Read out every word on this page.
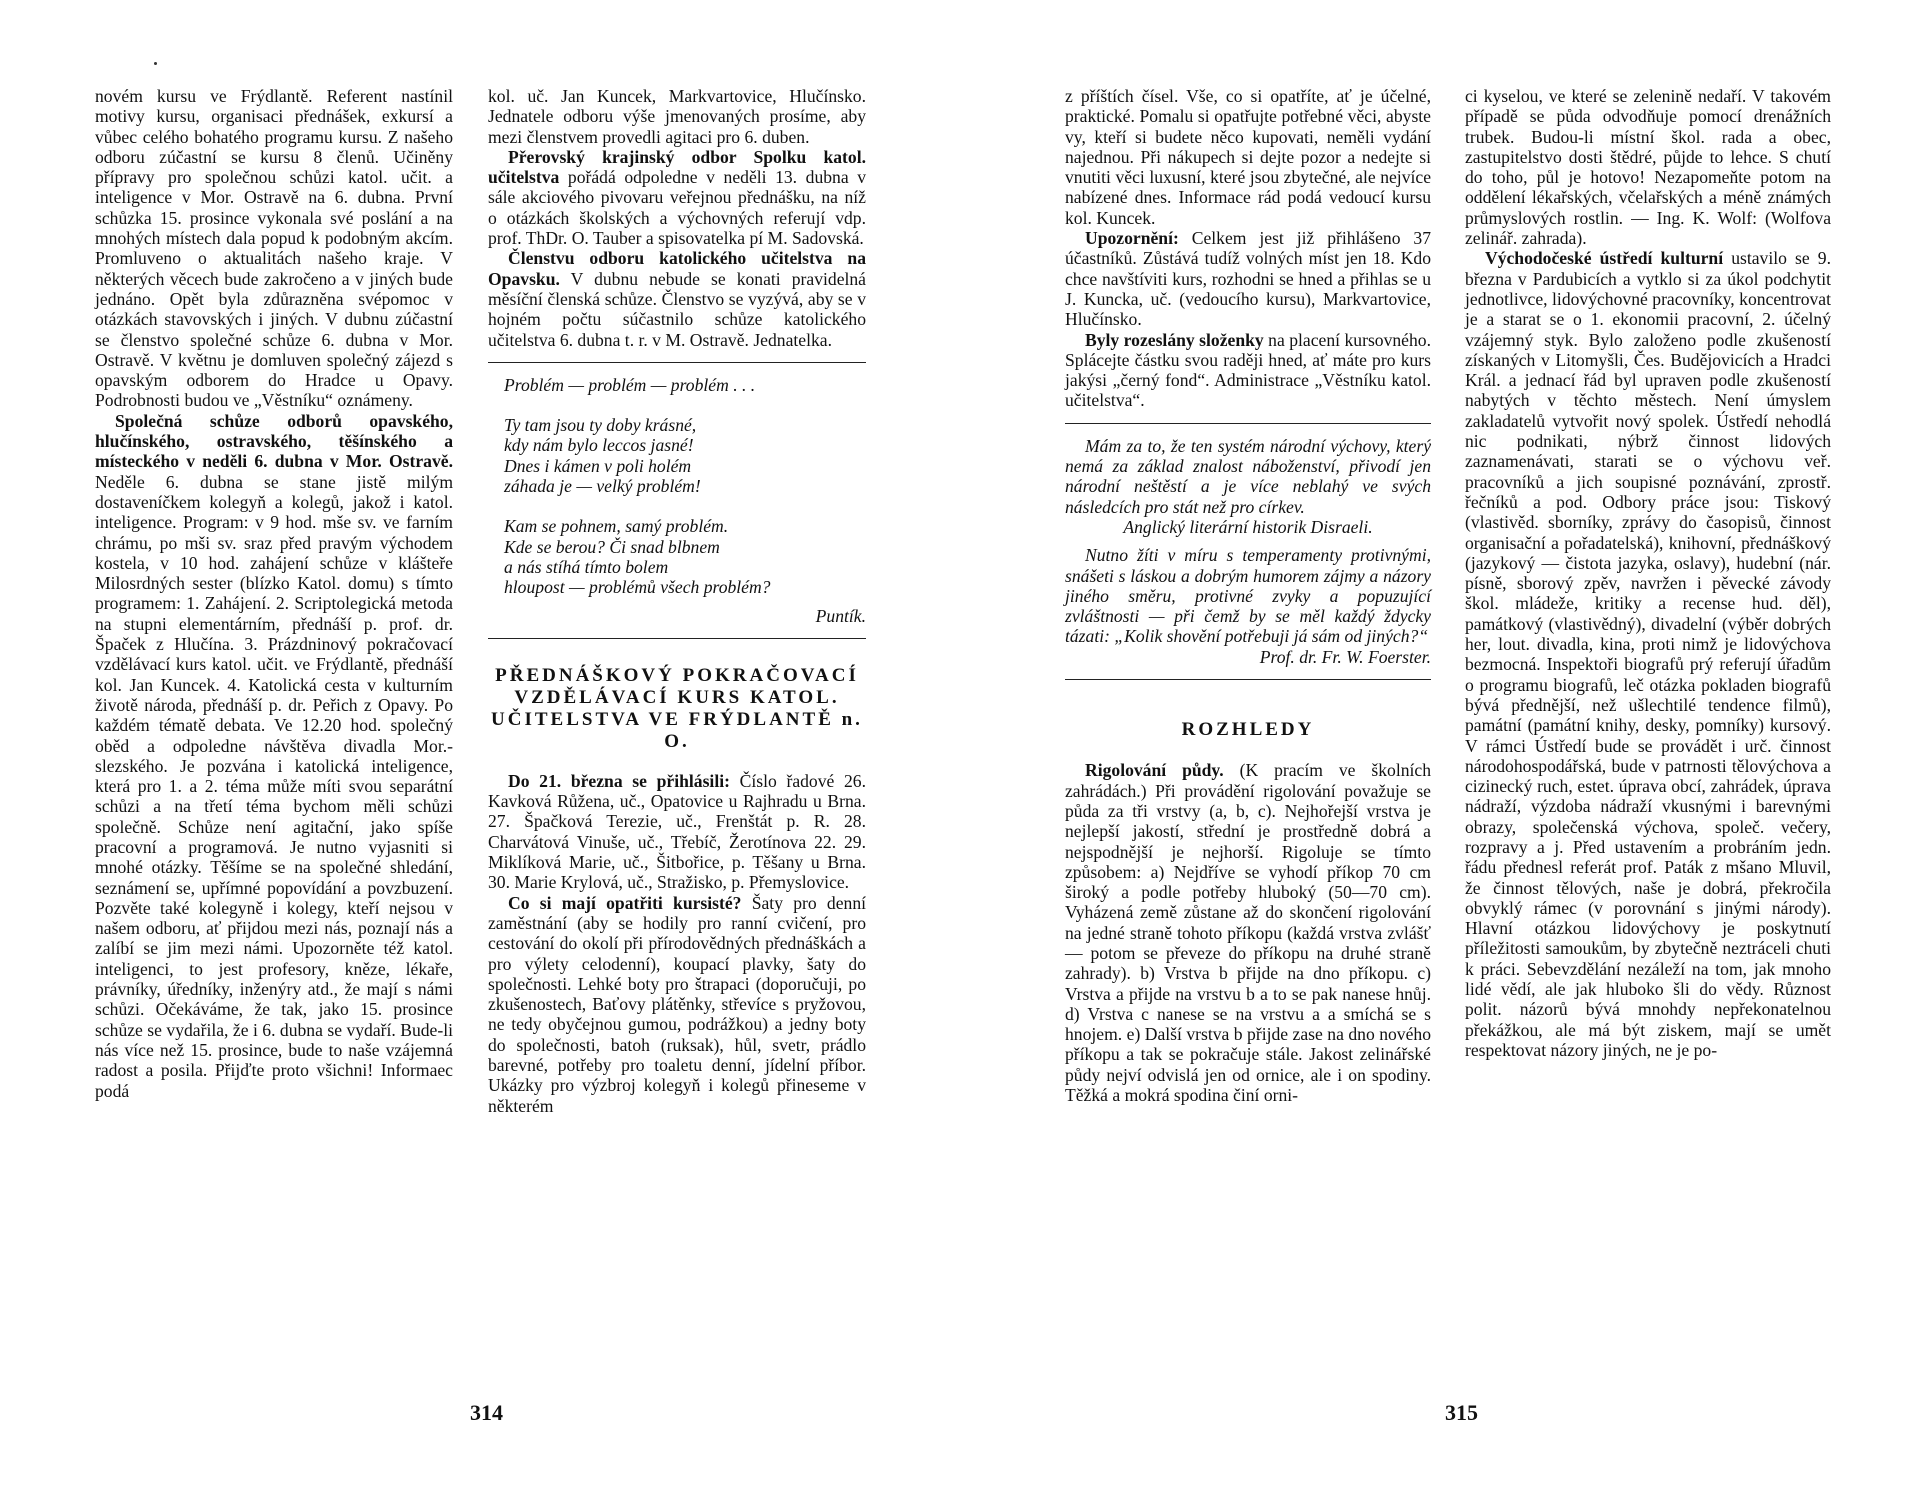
novém kursu ve Frýdlantě. Referent nastínil motivy kursu, organisaci přednášek, exkursí a vůbec celého bohatého programu kursu. Z našeho odboru zúčastní se kursu 8 členů. Učiněny přípravy pro společnou schůzi katol. učit. a inteligence v Mor. Ostravě na 6. dubna. První schůzka 15. prosince vykonala své poslání a na mnohých místech dala popud k podobným akcím. Promluveno o aktualitách našeho kraje. V některých věcech bude zakročeno a v jiných bude jednáno. Opět byla zdůrazněna svépomoc v otázkách stavovských i jiných. V dubnu zúčastní se členstvo společné schůze 6. dubna v Mor. Ostravě. V květnu je domluven společný zájezd s opavským odborem do Hradce u Opavy. Podrobnosti budou ve „Věstníku“ oznámeny.

Společná schůze odborů opavského, hlučínského, ostravského, těšínského a místeckého v neděli 6. dubna v Mor. Ostravě. Neděle 6. dubna se stane jistě milým dostaveníčkem kolegyň a kolegů, jakož i katol. inteligence. Program: v 9 hod. mše sv. ve farním chrámu, po mši sv. sraz před pravým východem kostela, v 10 hod. zahájení schůze v klášteře Milosrdných sester (blízko Katol. domu) s tímto programem: 1. Zahájení. 2. Scriptolegická metoda na stupni elementárním, přednáší p. prof. dr. Špaček z Hlučína. 3. Prázdninový pokračovací vzdělávací kurs katol. učit. ve Frýdlantě, přednáší kol. Jan Kuncek. 4. Katolická cesta v kulturním životě národa, přednáší p. dr. Peřich z Opavy. Po každém tématě debata. Ve 12.20 hod. společný oběd a odpoledne návštěva divadla Mor.-slezského. Je pozvána i katolická inteligence, která pro 1. a 2. téma může míti svou separátní schůzi a na třetí téma bychom měli schůzi společně. Schůze není agitační, jako spíše pracovní a programová. Je nutno vyjasniti si mnohé otázky. Těšíme se na společné shledání, seznámení se, upřímné popovídání a povzbuzení. Pozvěte také kolegyně i kolegy, kteří nejsou v našem odboru, ať přijdou mezi nás, poznají nás a zalíbí se jim mezi námi. Upozorněte též katol. inteligenci, to jest profesory, kněze, lékaře, právníky, úředníky, inženýry atd., že mají s námi schůzi. Očekáváme, že tak, jako 15. prosince schůze se vydařila, že i 6. dubna se vydaří. Bude-li nás více než 15. prosince, bude to naše vzájemná radost a posila. Přijďte proto všichni! Informaec podá

kol. uč. Jan Kuncek, Markvartovice, Hlučínsko. Jednatele odboru výše jmenovaných prosíme, aby mezi členstvem provedli agitaci pro 6. duben.

Přerovský krajinský odbor Spolku katol. učitelstva pořádá odpoledne v neděli 13. dubna v sále akciového pivovaru veřejnou přednášku, na níž o otázkách školských a výchovných referují vdp. prof. ThDr. O. Tauber a spisovatelka pí M. Sadovská.

Členstvu odboru katolického učitelstva na Opavsku. V dubnu nebude se konati pravidelná měsíční členská schůze. Členstvo se vyzývá, aby se v hojném počtu súčastnilo schůze katolického učitelstva 6. dubna t. r. v M. Ostravě. Jednatelka.

Problém — problém — problém . . .
Ty tam jsou ty doby krásné,
kdy nám bylo leccos jasné!
Dnes i kámen v poli holém
záhada je — velký problém!
Kam se pohnem, samý problém.
Kde se berou? Či snad blbnem
a nás stíhá tímto bolem
hloupost — problémů všech problém?
Puntík.
PŘEDNÁŠKOVÝ POKRAČOVACÍ VZDĚLÁVACÍ KURS KATOL. UČITELSTVA VE FRÝDLANTĚ n. O.

Do 21. března se přihlásili: Číslo řadové 26. Kavková Růžena, uč., Opatovice u Rajhradu u Brna. 27. Špačková Terezie, uč., Frenštát p. R. 28. Charvátová Vinuše, uč., Třebíč, Žerotínova 22. 29. Miklíková Marie, uč., Šitbořice, p. Těšany u Brna. 30. Marie Krylová, uč., Stražisko, p. Přemyslovice.

Co si mají opatřiti kursisté? Šaty pro denní zaměstnání (aby se hodily pro ranní cvičení, pro cestování do okolí při přírodovědných přednáškách a pro výlety celodenní), koupací plavky, šaty do společnosti. Lehké boty pro štrapaci (doporučuji, po zkušenostech, Baťovy plátěnky, střevíce s pryžovou, ne tedy obyčejnou gumou, podrážkou) a jedny boty do společnosti, batoh (ruksak), hůl, svetr, prádlo barevné, potřeby pro toaletu denní, jídelní příbor. Ukázky pro výzbroj kolegyň i kolegů přineseme v některém

314

z příštích čísel. Vše, co si opatříte, ať je účelné, praktické. Pomalu si opatřujte potřebné věci, abyste vy, kteří si budete něco kupovati, neměli vydání najednou. Při nákupech si dejte pozor a nedejte si vnutiti věci luxusní, které jsou zbytečné, ale nejvíce nabízené dnes. Informace rád podá vedoucí kursu kol. Kuncek.

Upozornění: Celkem jest již přihlášeno 37 účastníků. Zůstává tudíž volných míst jen 18. Kdo chce navštíviti kurs, rozhodni se hned a přihlas se u J. Kuncka, uč. (vedoucího kursu), Markvartovice, Hlučínsko.

Byly rozeslány složenky na placení kursovného. Splácejte částku svou raději hned, ať máte pro kurs jakýsi „černý fond“. Administrace „Věstníku katol. učitelstva“.

Mám za to, že ten systém národní výchovy, který nemá za základ znalost náboženství, přivodí jen národní neštěstí a je více neblahý ve svých následcích pro stát než pro církev.

Anglický literární historik Disraeli.

Nutno žíti v míru s temperamenty protivnými, snášeti s láskou a dobrým humorem zájmy a názory jiného směru, protivné zvyky a popuzující zvláštnosti — při čemž by se měl každý ždycky tázati: „Kolik shovění potřebuji já sám od jiných?“

Prof. dr. Fr. W. Foerster.

ROZHLEDY

Rigolování půdy. (K pracím ve školních zahrádách.) Při provádění rigolování považuje se půda za tři vrstvy (a, b, c). Nejhořejší vrstva je nejlepší jakostí, střední je prostředně dobrá a nejspodnější je nejhorší. Rigoluje se tímto způsobem: a) Nejdříve se vyhodí příkop 70 cm široký a podle potřeby hluboký (50—70 cm). Vyházená země zůstane až do skončení rigolování na jedné straně tohoto příkopu (každá vrstva zvlášť — potom se převeze do příkopu na druhé straně zahrady). b) Vrstva b přijde na dno příkopu. c) Vrstva a přijde na vrstvu b a to se pak nanese hnůj. d) Vrstva c nanese se na vrstvu a a smíchá se s hnojem. e) Další vrstva b přijde zase na dno nového příkopu a tak se pokračuje stále. Jakost zelinářské půdy nejví odvislá jen od ornice, ale i on spodiny. Těžká a mokrá spodina činí orni-

ci kyselou, ve které se zelenině nedaří. V takovém případě se půda odvodňuje pomocí drenážních trubek. Budou-li místní škol. rada a obec, zastupitelstvo dosti štědré, půjde to lehce. S chutí do toho, půl je hotovo! Nezapomeňte potom na oddělení lékařských, včelařských a méně známých průmyslových rostlin. — Ing. K. Wolf: (Wolfova zelinář. zahrada).

Východočeské ústředí kulturní ustavilo se 9. března v Pardubicích a vytklo si za úkol podchytit jednotlivce, lidovýchovné pracovníky, koncentrovat je a starat se o 1. ekonomii pracovní, 2. účelný vzájemný styk. Bylo založeno podle zkušeností získaných v Litomyšli, Čes. Budějovicích a Hradci Král. a jednací řád byl upraven podle zkušeností nabytých v těchto městech. Není úmyslem zakladatelů vytvořit nový spolek. Ústředí nehodlá nic podnikati, nýbrž činnost lidových zaznamenávati, starati se o výchovu veř. pracovníků a jich soupisné poznávání, zprostř. řečníků a pod. Odbory práce jsou: Tiskový (vlastivěd. sborníky, zprávy do časopisů, činnost organisační a pořadatelská), knihovní, přednáškový (jazykový — čistota jazyka, oslavy), hudební (nár. písně, sborový zpěv, navržen i pěvecké závody škol. mládeže, kritiky a recense hud. děl), památkový (vlastivědný), divadelní (výběr dobrých her, lout. divadla, kina, proti nimž je lidovýchova bezmocná. Inspektoři biografů prý referují úřadům o programu biografů, leč otázka pokladen biografů bývá přednější, než ušlechtilé tendence filmů), památní (památní knihy, desky, pomníky) kursový. V rámci Ústředí bude se provádět i urč. činnost národohospodářská, bude v patrnosti tělovýchova a cizinecký ruch, estet. úprava obcí, zahrádek, úprava nádraží, výzdoba nádraží vkusnými i barevnými obrazy, společenská výchova, společ. večery, rozpravy a j. Před ustavením a probráním jedn. řádu přednesl referát prof. Paták z mšano Mluvil, že činnost tělových, naše je dobrá, překročila obvyklý rámec (v porovnání s jinými národy). Hlavní otázkou lidovýchovy je poskytnutí příležitosti samoukům, by zbytečně neztráceli chuti k práci. Sebevzdělání nezáleží na tom, jak mnoho lidé vědí, ale jak hluboko šli do vědy. Různost polit. názorů bývá mnohdy nepřekonatelnou překážkou, ale má být ziskem, mají se umět respektovat názory jiných, ne je po-

315
